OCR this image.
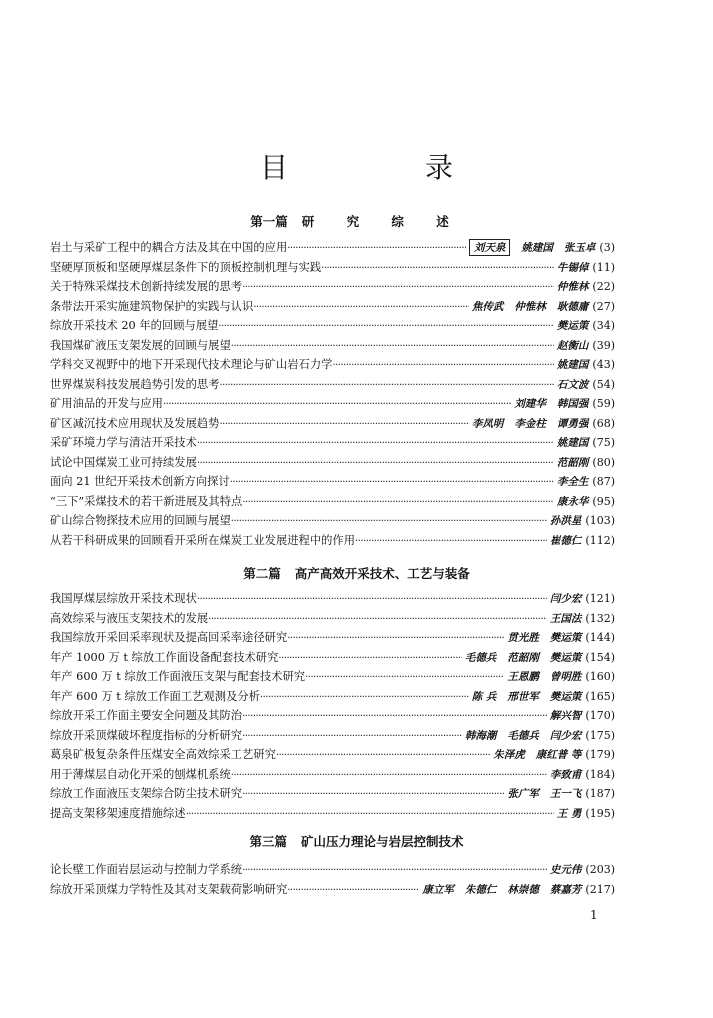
目 录
第一篇 研 究 综 述
岩土与采矿工程中的耦合方法及其在中国的应用 ·····	刘天泉 姚建国 张玉卓 (3)
坚硬厚顶板和坚硬厚煤层条件下的顶板控制机理与实践 ·····	牛锡倬 (11)
关于特殊采煤技术创新持续发展的思考 ·····	仲惟林 (22)
条带法开采实施建筑物保护的实践与认识 ·····	焦传武 仲惟林 耿德庸 (27)
综放开采技术 20 年的回顾与展望 ·····	樊运策 (34)
我国煤矿液压支架发展的回顾与展望 ·····	赵衡山 (39)
学科交叉视野中的地下开采现代技术理论与矿山岩石力学 ·····	姚建国 (43)
世界煤炭科技发展趋势引发的思考 ·····	石文波 (54)
矿用油品的开发与应用 ·····	刘建华 韩国强 (59)
矿区减沉技术应用现状及发展趋势 ·····	李凤明 李金柱 谭勇强 (68)
采矿环境力学与清洁开采技术 ·····	姚建国 (75)
试论中国煤炭工业可持续发展 ·····	范韶刚 (80)
面向 21 世纪开采技术创新方向探讨 ·····	李全生 (87)
“三下”采煤技术的若干新进展及其特点 ·····	康永华 (95)
矿山综合物探技术应用的回顾与展望 ·····	孙洪星 (103)
从若干科研成果的回顾看开采所在煤炭工业发展进程中的作用 ·····	崔德仁 (112)
第二篇 高产高效开采技术、工艺与装备
我国厚煤层综放开采技术现状 ·····	闫少宏 (121)
高效综采与液压支架技术的发展 ·····	王国法 (132)
我国综放开采回采率现状及提高回采率途径研究 ·····	贯光胜 樊运策 (144)
年产 1000 万 t 综放工作面设备配套技术研究 ·····	毛德兵 范韶刚 樊运策 (154)
年产 600 万 t 综放工作面液压支架与配套技术研究 ·····	王恩鹏 曾明胜 (160)
年产 600 万 t 综放工作面工艺观测及分析 ·····	陈 兵 邢世军 樊运策 (165)
综放开采工作面主要安全问题及其防治 ·····	解兴智 (170)
综放开采顶煤破坏程度指标的分析研究 ·····	韩海潮 毛德兵 闫少宏 (175)
葛泉矿极复杂条件压煤安全高效综采工艺研究 ·····	朱泽虎 康红普 等 (179)
用于薄煤层自动化开采的刨煤机系统 ·····	李致甫 (184)
综放工作面液压支架综合防尘技术研究 ·····	张广军 王一飞 (187)
提高支架移架速度措施综述 ·····	王 勇 (195)
第三篇 矿山压力理论与岩层控制技术
论长壁工作面岩层运动与控制力学系统 ·····	史元伟 (203)
综放开采顶煤力学特性及其对支架载荷影响研究 ·····	康立军 朱德仁 林崇德 蔡嘉芳 (217)
1
